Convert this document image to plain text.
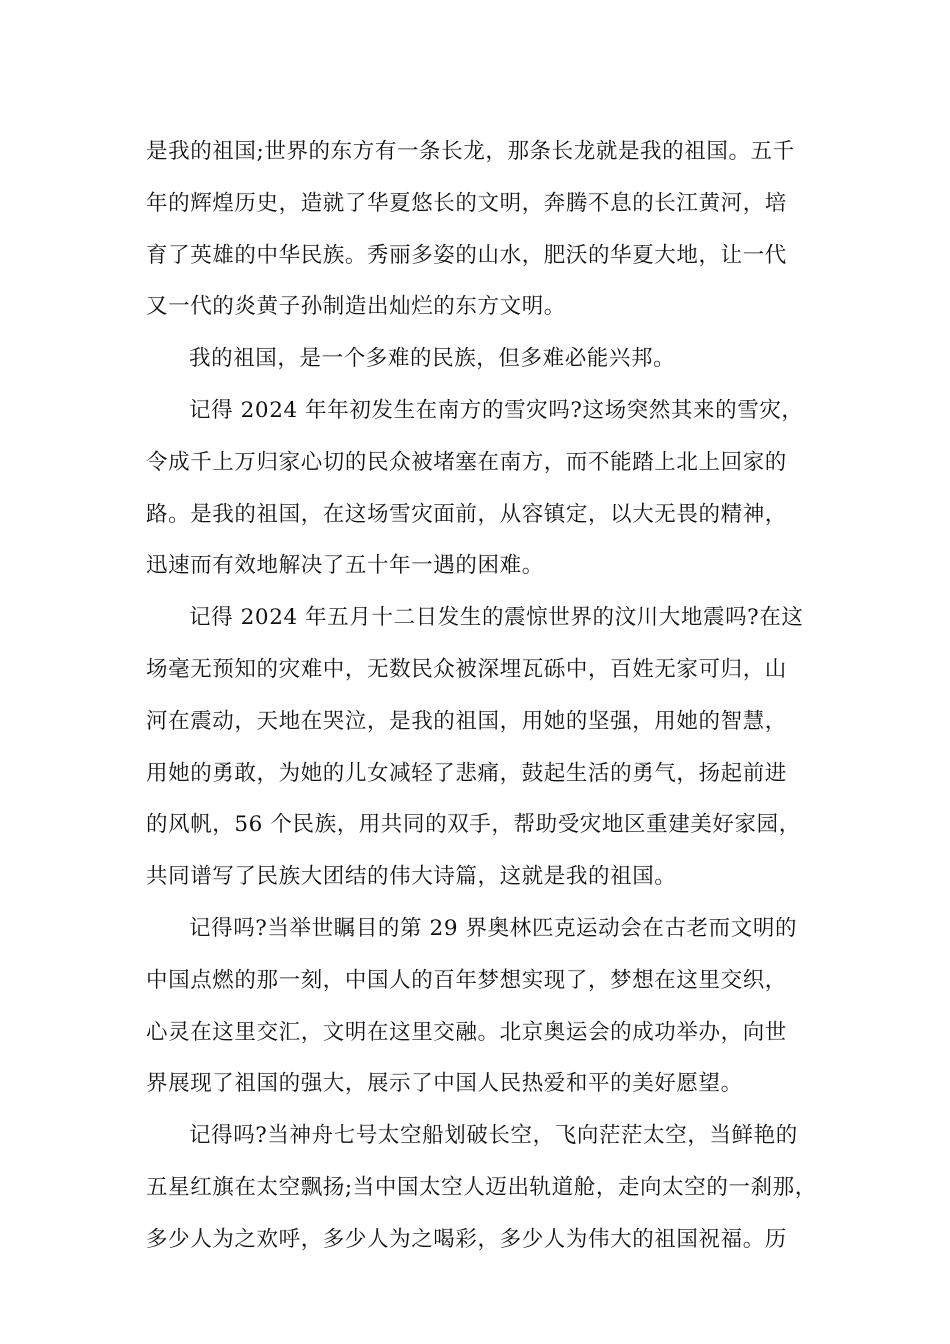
是我的祖国;世界的东方有一条长龙，那条长龙就是我的祖国。五千
年的辉煌历史，造就了华夏悠长的文明，奔腾不息的长江黄河，培
育了英雄的中华民族。秀丽多姿的山水，肥沃的华夏大地，让一代
又一代的炎黄子孙制造出灿烂的东方文明。

我的祖国，是一个多难的民族，但多难必能兴邦。

记得 2024 年年初发生在南方的雪灾吗?这场突然其来的雪灾，
令成千上万归家心切的民众被堵塞在南方，而不能踏上北上回家的
路。是我的祖国，在这场雪灾面前，从容镇定，以大无畏的精神，
迅速而有效地解决了五十年一遇的困难。

记得 2024 年五月十二日发生的震惊世界的汶川大地震吗?在这
场毫无预知的灾难中，无数民众被深埋瓦砾中，百姓无家可归，山
河在震动，天地在哭泣，是我的祖国，用她的坚强，用她的智慧，
用她的勇敢，为她的儿女减轻了悲痛，鼓起生活的勇气，扬起前进
的风帆，56 个民族，用共同的双手，帮助受灾地区重建美好家园，
共同谱写了民族大团结的伟大诗篇，这就是我的祖国。

记得吗?当举世瞩目的第 29 界奥林匹克运动会在古老而文明的
中国点燃的那一刻，中国人的百年梦想实现了，梦想在这里交织，
心灵在这里交汇，文明在这里交融。北京奥运会的成功举办，向世
界展现了祖国的强大，展示了中国人民热爱和平的美好愿望。

记得吗?当神舟七号太空船划破长空，飞向茫茫太空，当鲜艳的
五星红旗在太空飘扬;当中国太空人迈出轨道舱，走向太空的一刹那，
多少人为之欢呼，多少人为之喝彩，多少人为伟大的祖国祝福。历
